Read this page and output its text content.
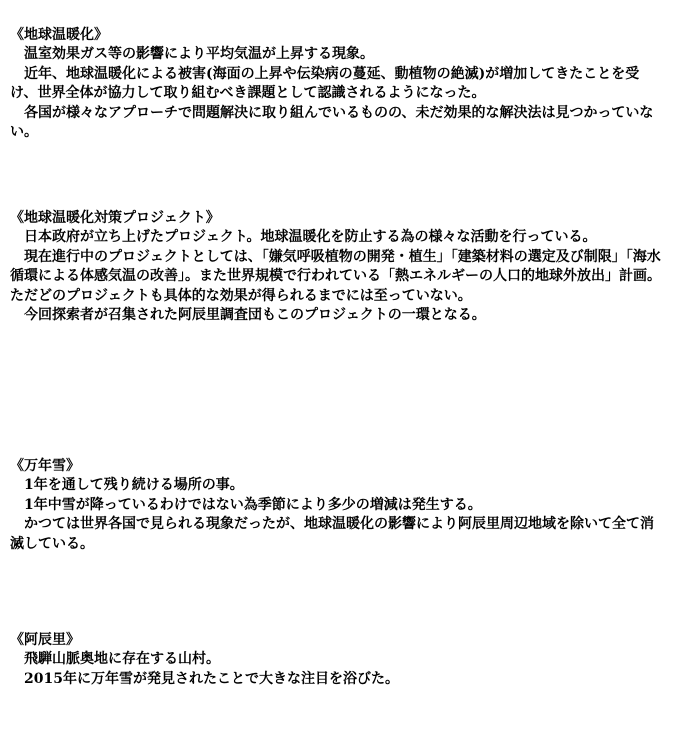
《地球温暖化》

温室効果ガス等の影響により平均気温が上昇する現象。

近年、地球温暖化による被害(海面の上昇や伝染病の蔓延、動植物の絶滅)が増加してきたことを受け、世界全体が協力して取り組むべき課題として認識されるようになった。

各国が様々なアプローチで問題解決に取り組んでいるものの、未だ効果的な解決法は見つかっていない。

《地球温暖化対策プロジェクト》

日本政府が立ち上げたプロジェクト。地球温暖化を防止する為の様々な活動を行っている。

現在進行中のプロジェクトとしては、「嫌気呼吸植物の開発・植生」「建築材料の選定及び制限」「海水循環による体感気温の改善」。また世界規模で行われている「熱エネルギーの人口的地球外放出」計画。ただどのプロジェクトも具体的な効果が得られるまでには至っていない。

今回探索者が召集された阿辰里調査団もこのプロジェクトの一環となる。

《万年雪》

1年を通して残り続ける場所の事。

1年中雪が降っているわけではない為季節により多少の増減は発生する。

かつては世界各国で見られる現象だったが、地球温暖化の影響により阿辰里周辺地域を除いて全て消滅している。

《阿辰里》

飛騨山脈奥地に存在する山村。

2015年に万年雪が発見されたことで大きな注目を浴びた。
